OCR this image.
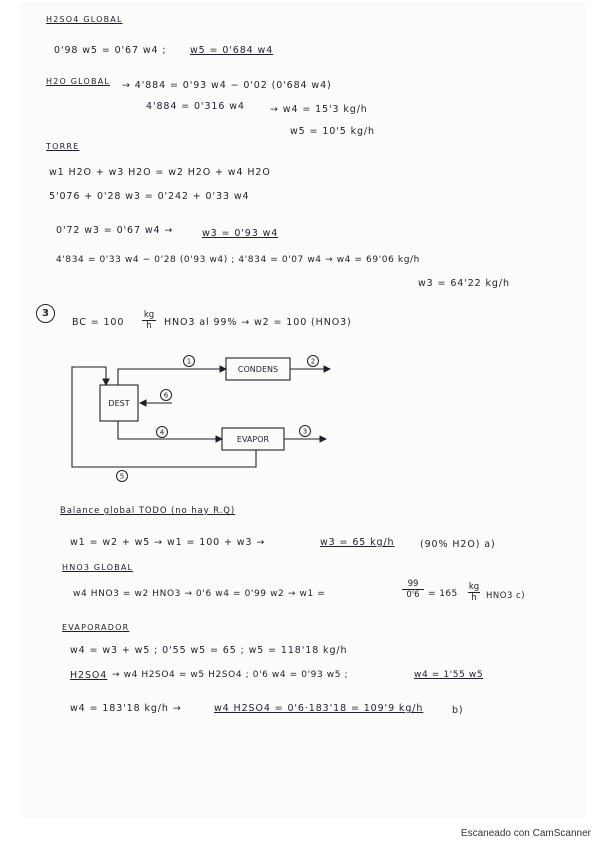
H2SO4 GLOBAL
0'98 w5 = 0'67 w4 ; w5 = 0'684 w4
H2O GLOBAL → 4'884 = 0'93 w4 − 0'02 (0'684 w4)
4'884 = 0'316 w4	→ w4 = 15'3 kg/h
w5 = 10'5 kg/h
TORRE
w1 H2O + w3 H2O = w2 H2O + w4 H2O
5'076 + 0'28 w3 = 0'242 + 0'33 w4
0'72 w3 = 0'67 w4 →	w3 = 0'93 w4
4'834 = 0'33 w4 − 0'28 (0'93 w4) ; 4'834 = 0'07 w4 → w4 = 69'06 kg/h
w3 = 64'22 kg/h
3
BC = $100 \frac{kg}{h} HNO3$ al 99% → w2 = 100 (HNO3)
1	2
6
4	3
5
DEST
CONDENS
EVAPOR
Balance global TODO (no hay R.Q)
w1 = w2 + w5 → w1 = 100 + w3 →	w3 = 65 kg/h	(90% H2O) a)
HNO3 GLOBAL
w4 HNO3 = w2 HNO3 → 0'6 w4 = 0'99 w2 → w1 =	$\frac{99}{0'6} = 165 \frac{kg}{h} HNO3$ c)
EVAPORADOR
w4 = w3 + w5 ; 0'55 w5 = 65 ; w5 = 118'18 kg/h
H2SO4 → w4 H2SO4 = w5 H2SO4 ; 0'6 w4 = 0'93 w5 ;	w4 = 1'55 w5
w4 = 183'18 kg/h →	w4 H2SO4 = 0'6·183'18 = 109'9 kg/h	b)
Escaneado con CamScanner
